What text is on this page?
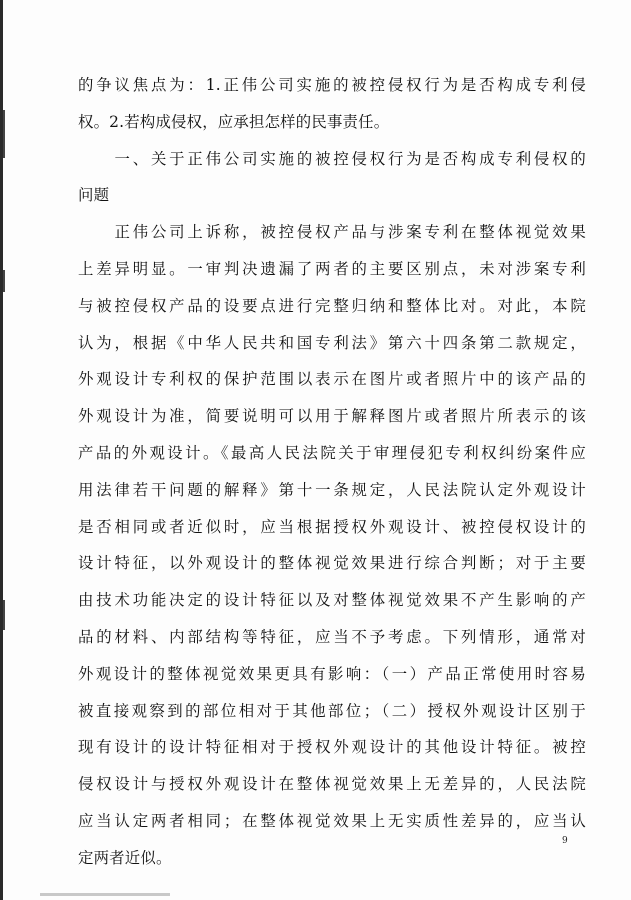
的争议焦点为：1.正伟公司实施的被控侵权行为是否构成专利侵
权。2.若构成侵权，应承担怎样的民事责任。
　　一、关于正伟公司实施的被控侵权行为是否构成专利侵权的
问题
　　正伟公司上诉称，被控侵权产品与涉案专利在整体视觉效果
上差异明显。一审判决遗漏了两者的主要区别点，未对涉案专利
与被控侵权产品的设要点进行完整归纳和整体比对。对此，本院
认为，根据《中华人民共和国专利法》第六十四条第二款规定，
外观设计专利权的保护范围以表示在图片或者照片中的该产品的
外观设计为准，简要说明可以用于解释图片或者照片所表示的该
产品的外观设计。《最高人民法院关于审理侵犯专利权纠纷案件应
用法律若干问题的解释》第十一条规定，人民法院认定外观设计
是否相同或者近似时，应当根据授权外观设计、被控侵权设计的
设计特征，以外观设计的整体视觉效果进行综合判断；对于主要
由技术功能决定的设计特征以及对整体视觉效果不产生影响的产
品的材料、内部结构等特征，应当不予考虑。下列情形，通常对
外观设计的整体视觉效果更具有影响：（一）产品正常使用时容易
被直接观察到的部位相对于其他部位；（二）授权外观设计区别于
现有设计的设计特征相对于授权外观设计的其他设计特征。被控
侵权设计与授权外观设计在整体视觉效果上无差异的，人民法院
应当认定两者相同；在整体视觉效果上无实质性差异的，应当认
定两者近似。
9
